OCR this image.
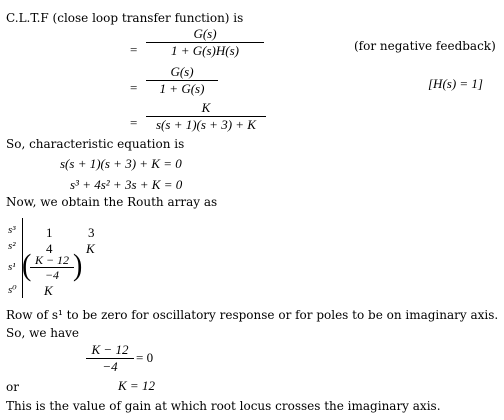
C.L.T.F (close loop transfer function) is
=
G(s)
1 + G(s)H(s)	(for negative feedback)
=
G(s)
1 + G(s)	[H(s) = 1]
=
K
s(s + 1)(s + 3) + K
So, characteristic equation is
s(s + 1)(s + 3) + K = 0
s³ + 4s² + 3s + K = 0
Now, we obtain the Routh array as
s³ 1	3
s² 4	K
s¹ ( K − 12
−4 )
s⁰ K
Row of s¹ to be zero for oscillatory response or for poles to be on imaginary axis.
So, we have
K − 12
−4
= 0
or	K = 12
This is the value of gain at which root locus crosses the imaginary axis.
